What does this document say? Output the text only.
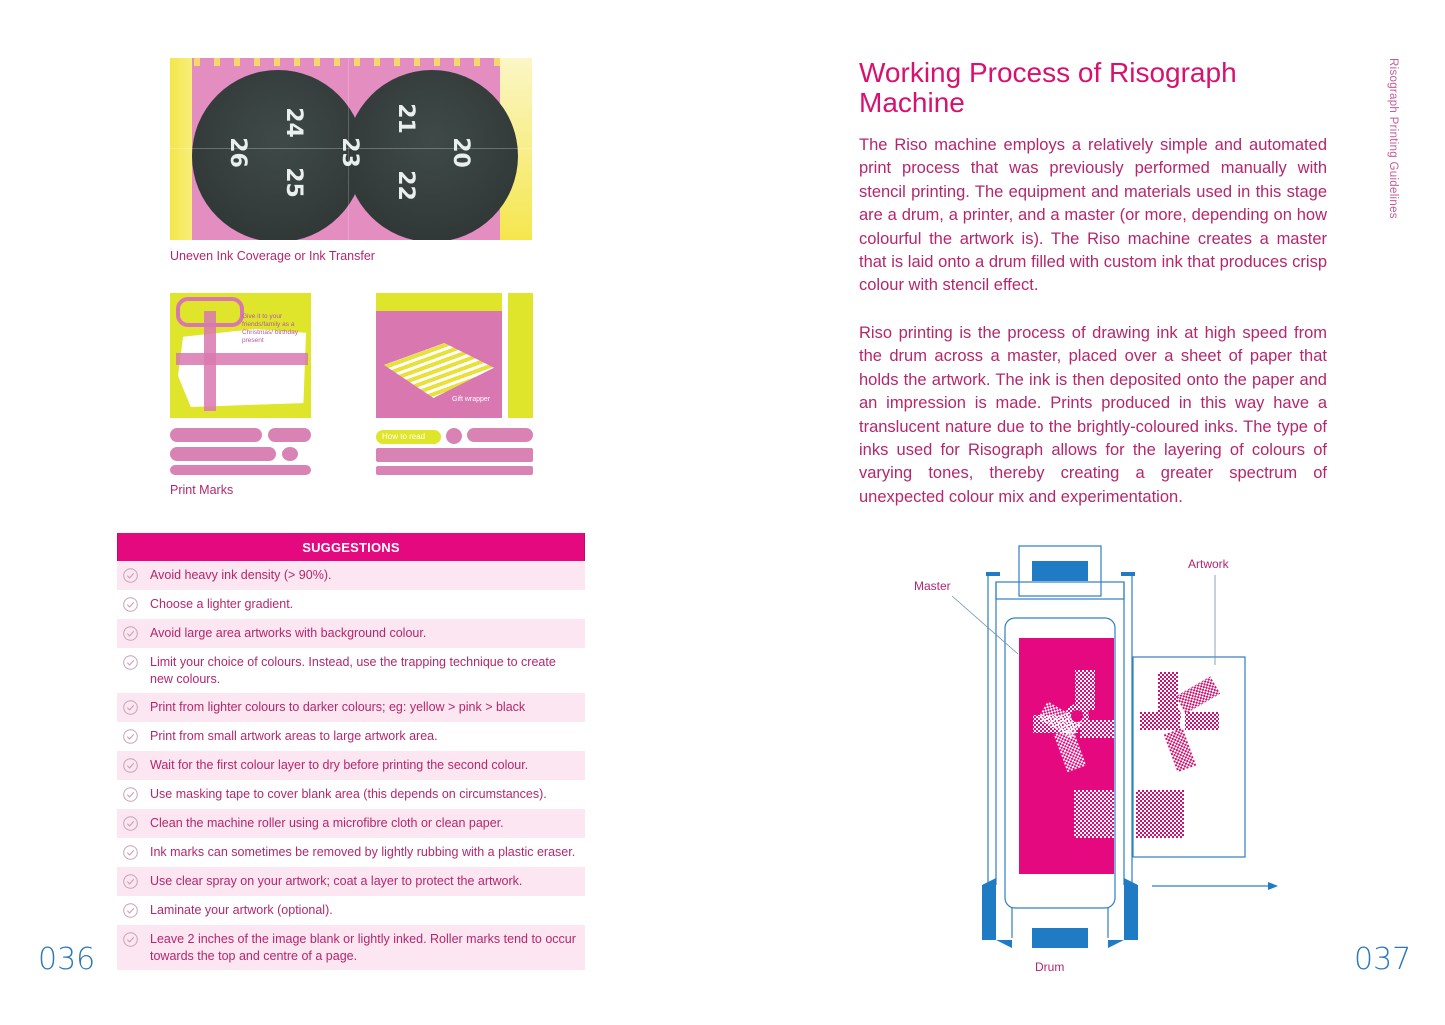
24
26	23
25
21
20
22
Uneven Ink Coverage or Ink Transfer
Give it to your friends/family as a Christmas/ birthday present
Gift wrapper
How to read
Print Marks
SUGGESTIONS
Avoid heavy ink density (> 90%).
Choose a lighter gradient.
Avoid large area artworks with background colour.
Limit your choice of colours. Instead, use the trapping technique to create new colours.
Print from lighter colours to darker colours; eg: yellow > pink > black
Print from small artwork areas to large artwork area.
Wait for the first colour layer to dry before printing the second colour.
Use masking tape to cover blank area (this depends on circumstances).
Clean the machine roller using a microfibre cloth or clean paper.
Ink marks can sometimes be removed by lightly rubbing with a plastic eraser.
Use clear spray on your artwork; coat a layer to protect the artwork.
Laminate your artwork (optional).
Leave 2 inches of the image blank or lightly inked. Roller marks tend to occur towards the top and centre of a page.
036
Working Process of Risograph Machine
The Riso machine employs a relatively simple and automated print process that was previously performed manually with stencil printing. The equipment and materials used in this stage are a drum, a printer, and a master (or more, depending on how colourful the artwork is). The Riso machine creates a master that is laid onto a drum filled with custom ink that produces crisp colour with stencil effect.
Riso printing is the process of drawing ink at high speed from the drum across a master, placed over a sheet of paper that holds the artwork. The ink is then deposited onto the paper and an impression is made. Prints produced in this way have a translucent nature due to the brightly-coloured inks. The type of inks used for Risograph allows for the layering of colours of varying tones, thereby creating a greater spectrum of unexpected colour mix and experimentation.
Risograph Printing Guidelines
Master
Artwork
Drum	037
